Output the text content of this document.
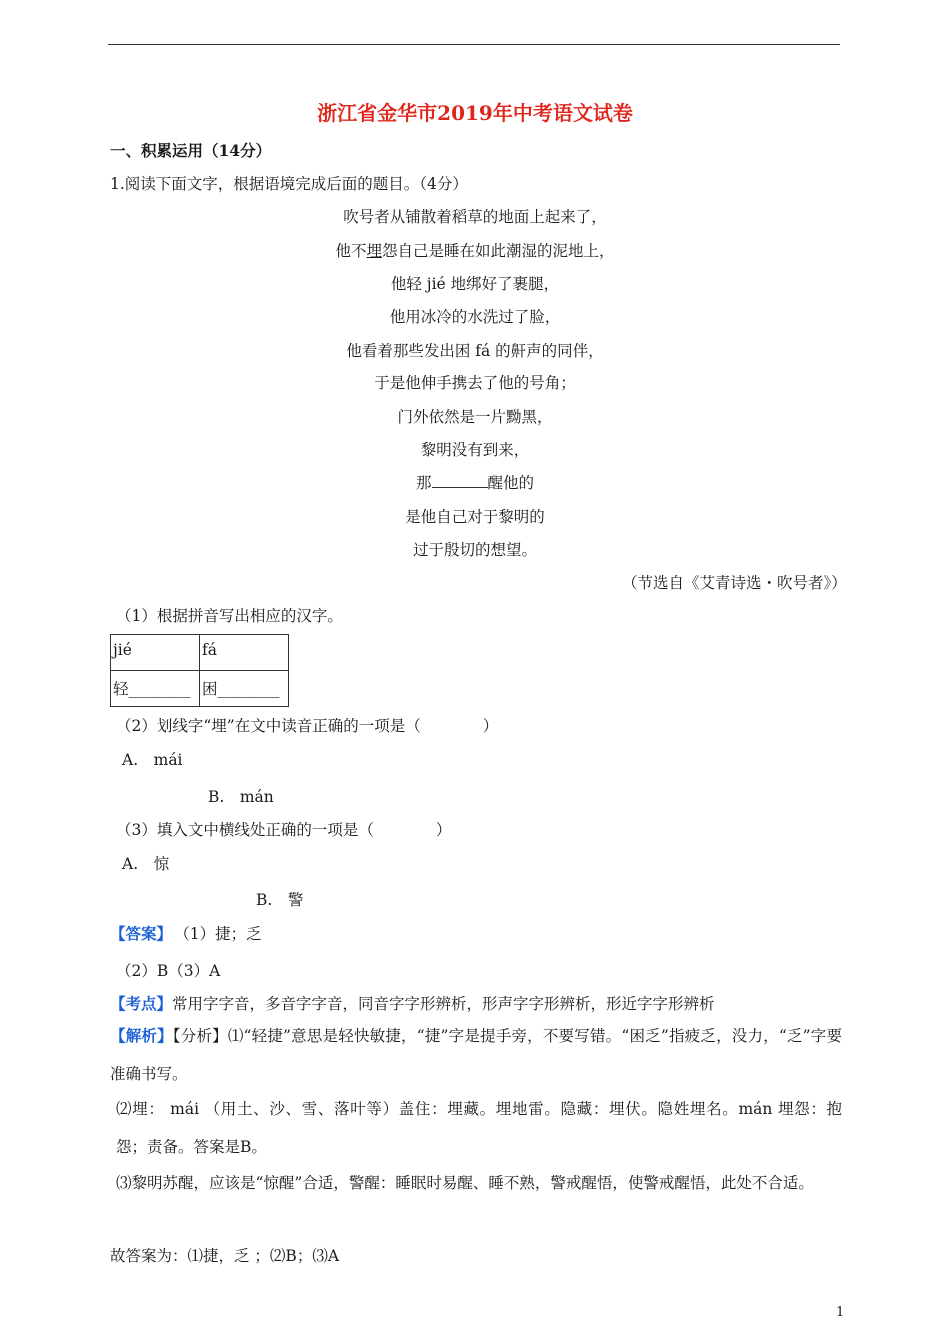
浙江省金华市2019年中考语文试卷
一、积累运用（14分）
1.阅读下面文字，根据语境完成后面的题目。（4分）
吹号者从铺散着稻草的地面上起来了，
他不埋怨自己是睡在如此潮湿的泥地上，
他轻 jié 地绑好了裹腿，
他用冰冷的水洗过了脸，
他看着那些发出困 fá 的鼾声的同伴，
于是他伸手携去了他的号角；
门外依然是一片黝黑，
黎明没有到来，
那	醒他的
是他自己对于黎明的
过于殷切的想望。
（节选自《艾青诗选・吹号者》）
（1）根据拼音写出相应的汉字。
jié	fá
轻________	困________
（2）划线字“埋”在文中读音正确的一项是（　　　　）
A.　mái
B.　mán
（3）填入文中横线处正确的一项是（　　　　）
A.　惊
B.　警
【答案】 （1）捷；乏
（2）B（3）A
【考点】常用字字音，多音字字音，同音字字形辨析，形声字字形辨析，形近字字形辨析
【解析】【分析】⑴“轻捷”意思是轻快敏捷，“捷”字是提手旁，不要写错。“困乏”指疲乏，没力，“乏”字要准确书写。
⑵埋： mái （用土、沙、雪、落叶等）盖住：埋藏。埋地雷。隐藏：埋伏。隐姓埋名。mán 埋怨：抱怨；责备。答案是B。
⑶黎明苏醒，应该是“惊醒”合适，警醒：睡眠时易醒、睡不熟，警戒醒悟，使警戒醒悟，此处不合适。
故答案为：⑴捷，乏 ；⑵B；⑶A
1
